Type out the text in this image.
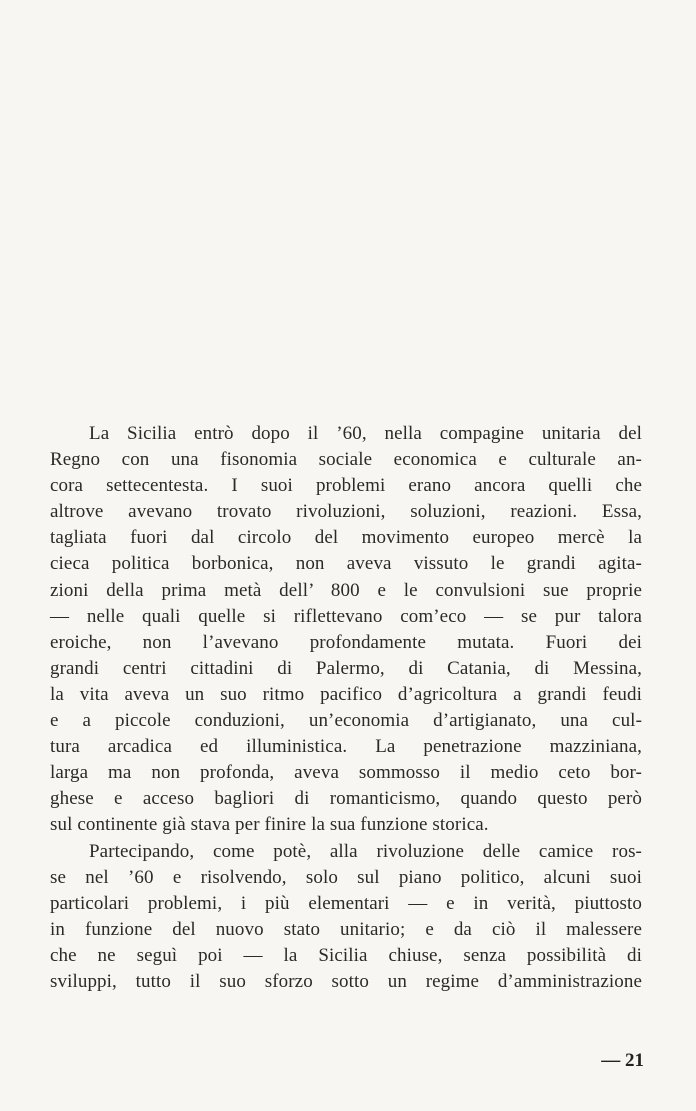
La Sicilia entrò dopo il ’60, nella compagine unitaria del
Regno con una fisonomia sociale economica e culturale an-
cora settecentesta. I suoi problemi erano ancora quelli che
altrove avevano trovato rivoluzioni, soluzioni, reazioni. Essa,
tagliata fuori dal circolo del movimento europeo mercè la
cieca politica borbonica, non aveva vissuto le grandi agita-
zioni della prima metà dell’ 800 e le convulsioni sue proprie
— nelle quali quelle si riflettevano com’eco — se pur talora
eroiche, non l’avevano profondamente mutata. Fuori dei
grandi centri cittadini di Palermo, di Catania, di Messina,
la vita aveva un suo ritmo pacifico d’agricoltura a grandi feudi
e a piccole conduzioni, un’economia d’artigianato, una cul-
tura arcadica ed illuministica. La penetrazione mazziniana,
larga ma non profonda, aveva sommosso il medio ceto bor-
ghese e acceso bagliori di romanticismo, quando questo però
sul continente già stava per finire la sua funzione storica.
Partecipando, come potè, alla rivoluzione delle camice ros-
se nel ’60 e risolvendo, solo sul piano politico, alcuni suoi
particolari problemi, i più elementari — e in verità, piuttosto
in funzione del nuovo stato unitario; e da ciò il malessere
che ne seguì poi — la Sicilia chiuse, senza possibilità di
sviluppi, tutto il suo sforzo sotto un regime d’amministrazione
— 21
